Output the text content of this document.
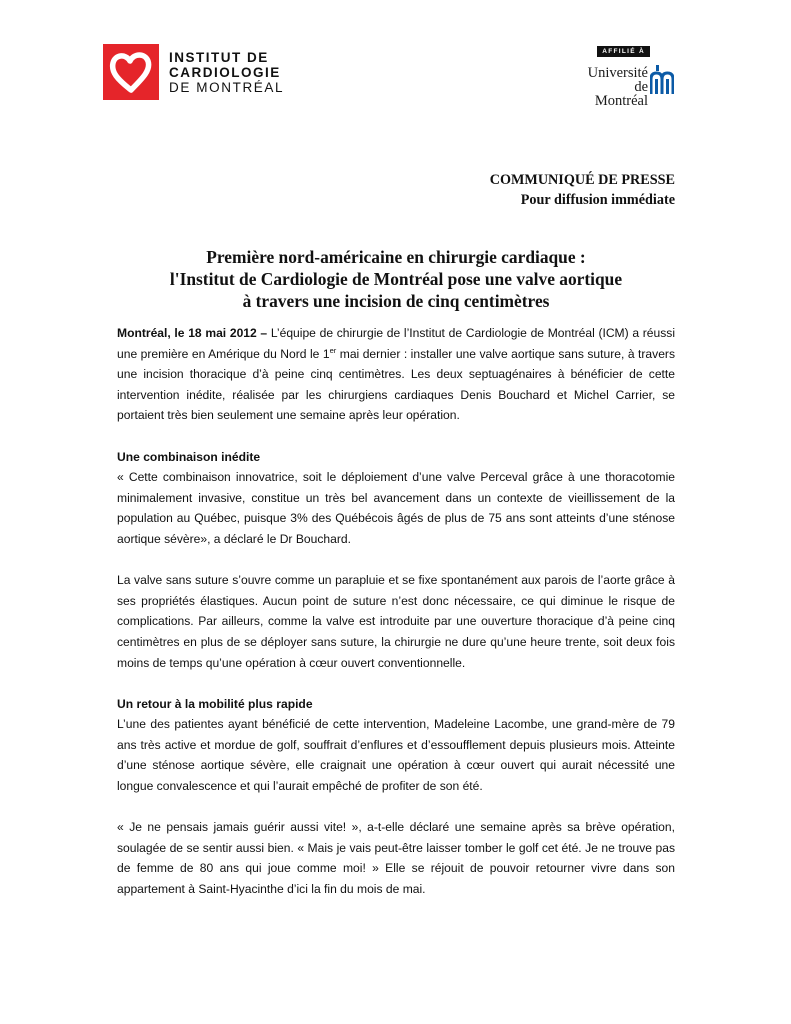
INSTITUT DE
CARDIOLOGIE
DE MONTRÉAL
AFFILIÉ À
Université
de Montréal
COMMUNIQUÉ DE PRESSE
Pour diffusion immédiate
Première nord-américaine en chirurgie cardiaque :
l'Institut de Cardiologie de Montréal pose une valve aortique
à travers une incision de cinq centimètres

Montréal, le 18 mai 2012 – L’équipe de chirurgie de l’Institut de Cardiologie de Montréal (ICM) a réussi une première en Amérique du Nord le 1er mai dernier : installer une valve aortique sans suture, à travers une incision thoracique d’à peine cinq centimètres. Les deux septuagénaires à bénéficier de cette intervention inédite, réalisée par les chirurgiens cardiaques Denis Bouchard et Michel Carrier, se portaient très bien seulement une semaine après leur opération.

Une combinaison inédite

« Cette combinaison innovatrice, soit le déploiement d’une valve Perceval grâce à une thoracotomie minimalement invasive, constitue un très bel avancement dans un contexte de vieillissement de la population au Québec, puisque 3% des Québécois âgés de plus de 75 ans sont atteints d’une sténose aortique sévère», a déclaré le Dr Bouchard.

La valve sans suture s’ouvre comme un parapluie et se fixe spontanément aux parois de l’aorte grâce à ses propriétés élastiques. Aucun point de suture n’est donc nécessaire, ce qui diminue le risque de complications. Par ailleurs, comme la valve est introduite par une ouverture thoracique d’à peine cinq centimètres en plus de se déployer sans suture, la chirurgie ne dure qu’une heure trente, soit deux fois moins de temps qu’une opération à cœur ouvert conventionnelle.

Un retour à la mobilité plus rapide

L’une des patientes ayant bénéficié de cette intervention, Madeleine Lacombe, une grand-mère de 79 ans très active et mordue de golf, souffrait d’enflures et d’essoufflement depuis plusieurs mois. Atteinte d’une sténose aortique sévère, elle craignait une opération à cœur ouvert qui aurait nécessité une longue convalescence et qui l’aurait empêché de profiter de son été.

« Je ne pensais jamais guérir aussi vite! », a-t-elle déclaré une semaine après sa brève opération, soulagée de se sentir aussi bien. « Mais je vais peut-être laisser tomber le golf cet été. Je ne trouve pas de femme de 80 ans qui joue comme moi! » Elle se réjouit de pouvoir retourner vivre dans son appartement à Saint-Hyacinthe d’ici la fin du mois de mai.
